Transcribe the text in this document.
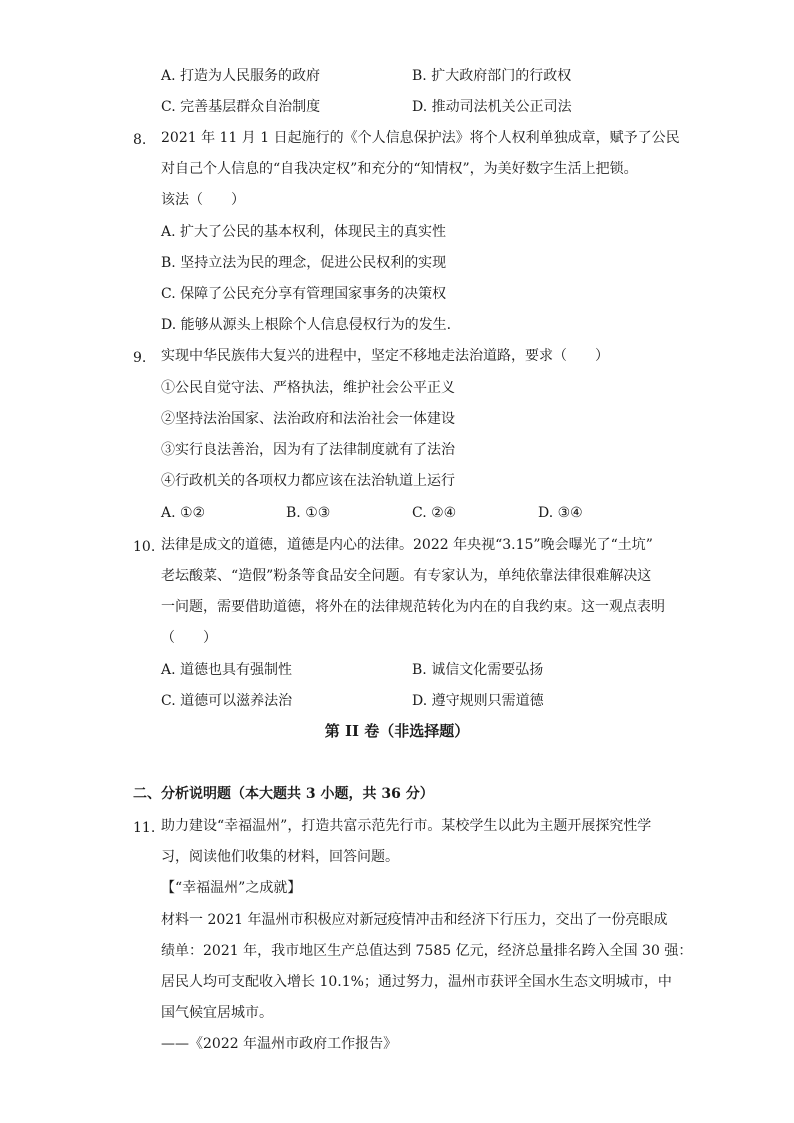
A. 打造为人民服务的政府	B. 扩大政府部门的行政权
C. 完善基层群众自治制度	D. 推动司法机关公正司法
8. 2021 年 11 月 1 日起施行的《个人信息保护法》将个人权利单独成章，赋予了公民
对自己个人信息的“自我决定权”和充分的“知情权”，为美好数字生活上把锁。
该法（　　）
A. 扩大了公民的基本权利，体现民主的真实性
B. 坚持立法为民的理念，促进公民权利的实现
C. 保障了公民充分享有管理国家事务的决策权
D. 能够从源头上根除个人信息侵权行为的发生.
9. 实现中华民族伟大复兴的进程中，坚定不移地走法治道路，要求（　　）
①公民自觉守法、严格执法，维护社会公平正义
②坚持法治国家、法治政府和法治社会一体建设
③实行良法善治，因为有了法律制度就有了法治
④行政机关的各项权力都应该在法治轨道上运行
A. ①②	B. ①③	C. ②④	D. ③④
10. 法律是成文的道德，道德是内心的法律。2022 年央视“3.15”晚会曝光了“土坑”
老坛酸菜、“造假”粉条等食品安全问题。有专家认为，单纯依靠法律很难解决这
一问题，需要借助道德，将外在的法律规范转化为内在的自我约束。这一观点表明
（　　）
A. 道德也具有强制性	B. 诚信文化需要弘扬
C. 道德可以滋养法治	D. 遵守规则只需道德
第 II 卷（非选择题）
二、分析说明题（本大题共 3 小题，共 36 分）
11. 助力建设“幸福温州”，打造共富示范先行市。某校学生以此为主题开展探究性学
习，阅读他们收集的材料，回答问题。
【“幸福温州”之成就】
材料一 2021 年温州市积极应对新冠疫情冲击和经济下行压力，交出了一份亮眼成
绩单：2021 年，我市地区生产总值达到 7585 亿元，经济总量排名跨入全国 30 强：
居民人均可支配收入增长 10.1%；通过努力，温州市获评全国水生态文明城市，中
国气候宜居城市。
——《2022 年温州市政府工作报告》
